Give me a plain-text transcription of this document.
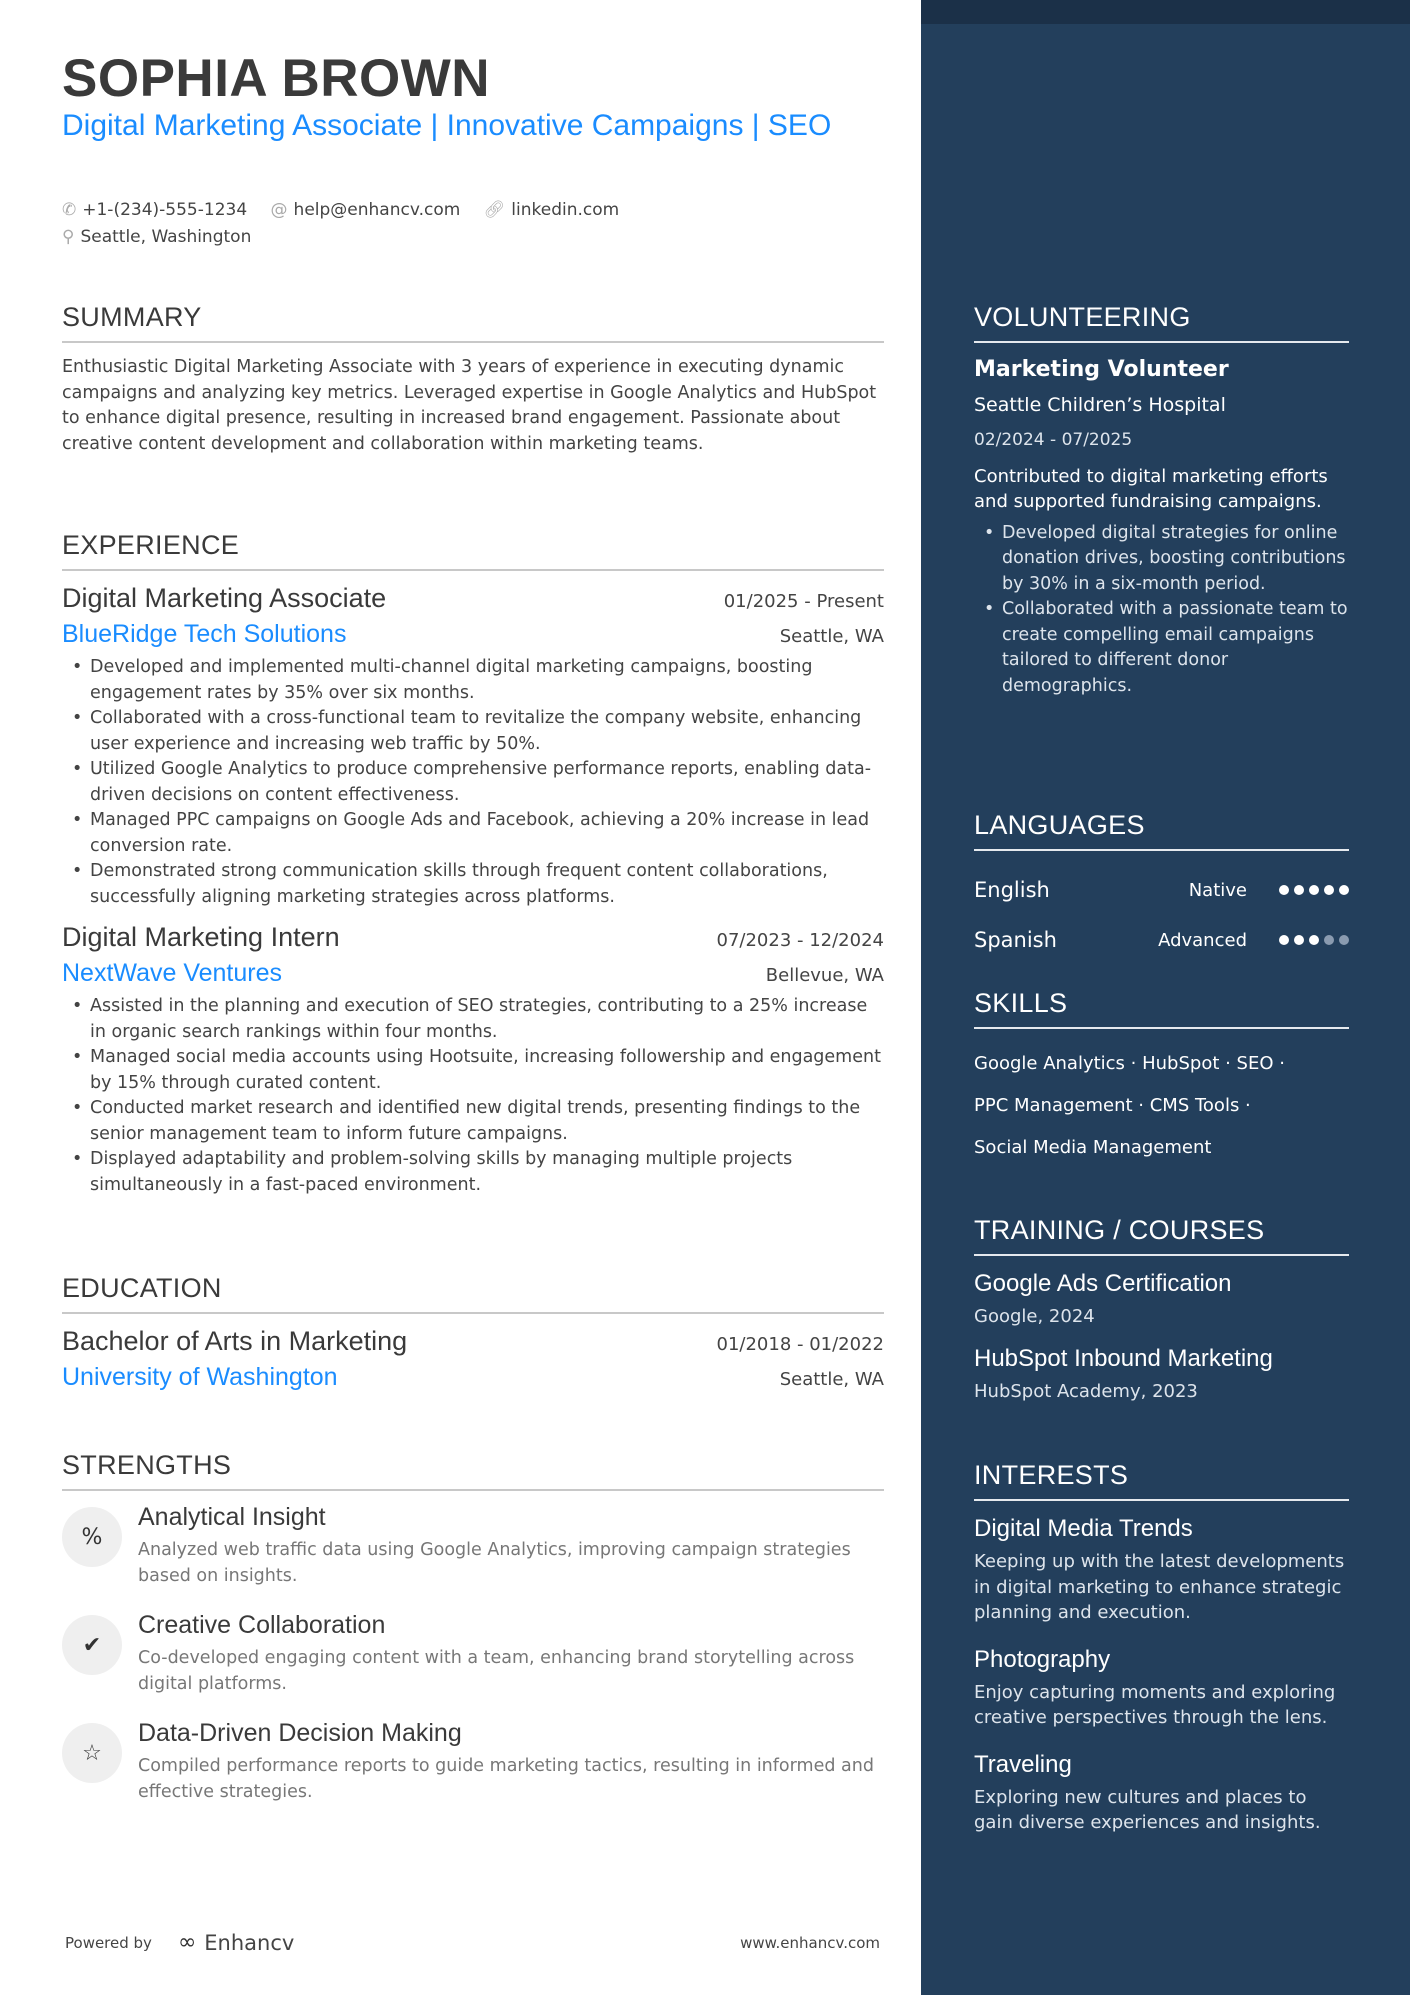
SOPHIA BROWN
Digital Marketing Associate | Innovative Campaigns | SEO
✆ +1-(234)-555-1234
@ help@enhancv.com
🔗︎ linkedin.com

⚲ Seattle, Washington
SUMMARY
Enthusiastic Digital Marketing Associate with 3 years of experience in executing dynamic campaigns and analyzing key metrics. Leveraged expertise in Google Analytics and HubSpot to enhance digital presence, resulting in increased brand engagement. Passionate about creative content development and collaboration within marketing teams.
EXPERIENCE
Digital Marketing Associate	01/2025 - Present
BlueRidge Tech Solutions	Seattle, WA
• Developed and implemented multi-channel digital marketing campaigns, boosting engagement rates by 35% over six months.
• Collaborated with a cross-functional team to revitalize the company website, enhancing user experience and increasing web traffic by 50%.
• Utilized Google Analytics to produce comprehensive performance reports, enabling data-driven decisions on content effectiveness.
• Managed PPC campaigns on Google Ads and Facebook, achieving a 20% increase in lead conversion rate.
• Demonstrated strong communication skills through frequent content collaborations, successfully aligning marketing strategies across platforms.
Digital Marketing Intern	07/2023 - 12/2024
NextWave Ventures	Bellevue, WA
• Assisted in the planning and execution of SEO strategies, contributing to a 25% increase in organic search rankings within four months.
• Managed social media accounts using Hootsuite, increasing followership and engagement by 15% through curated content.
• Conducted market research and identified new digital trends, presenting findings to the senior management team to inform future campaigns.
• Displayed adaptability and problem-solving skills by managing multiple projects simultaneously in a fast-paced environment.
EDUCATION
Bachelor of Arts in Marketing	01/2018 - 01/2022
University of Washington	Seattle, WA
STRENGTHS
%
Analytical Insight
Analyzed web traffic data using Google Analytics, improving campaign strategies based on insights.
✔
Creative Collaboration
Co-developed engaging content with a team, enhancing brand storytelling across digital platforms.
☆
Data-Driven Decision Making
Compiled performance reports to guide marketing tactics, resulting in informed and effective strategies.
Powered by ∞ Enhancv	www.enhancv.com
VOLUNTEERING
Marketing Volunteer
Seattle Children’s Hospital
02/2024 - 07/2025
Contributed to digital marketing efforts and supported fundraising campaigns.
• Developed digital strategies for online donation drives, boosting contributions by 30% in a six-month period.
• Collaborated with a passionate team to create compelling email campaigns tailored to different donor demographics.
LANGUAGES
English	Native
Spanish	Advanced
SKILLS
Google Analytics · HubSpot · SEO ·
PPC Management · CMS Tools ·
Social Media Management
TRAINING / COURSES
Google Ads Certification
Google, 2024
HubSpot Inbound Marketing
HubSpot Academy, 2023
INTERESTS
Digital Media Trends
Keeping up with the latest developments in digital marketing to enhance strategic planning and execution.
Photography
Enjoy capturing moments and exploring creative perspectives through the lens.
Traveling
Exploring new cultures and places to gain diverse experiences and insights.
